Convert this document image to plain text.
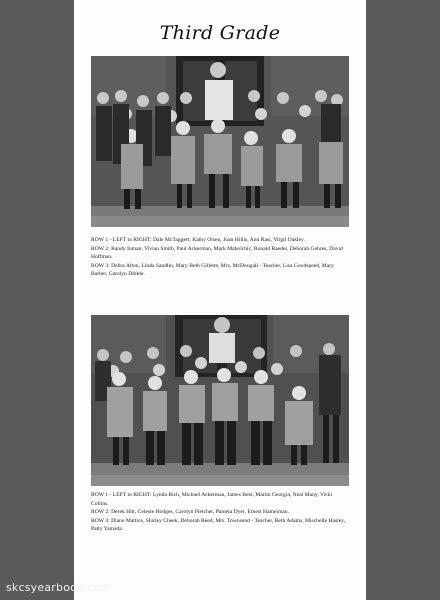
Third Grade

ROW 1 - LEFT to RIGHT: Dale McTaggert, Kathy Olsen, Joan Hillis, Ann Rasi, Virgil Oakley.

ROW 2: Randy Inman, Vivian Smith, Paul Ackerman, Mark Maholchic, Ronald Raeder, Deborah Gehres, David Hoffman.

ROW 3: Debra Alton, Linda Sandlin, Mary Beth Gillette, Mrs. McDougall - Teacher, Lisa Goodspeed, Mary Barber, Carolyn Dibble.

ROW 1 - LEFT to RIGHT: Lynda Rich, Michael Ackerman, James Betz, Martin Georgia, Neal Many, Vicki Collins.

ROW 2: Derek Hitt, Celeste Hodges, Carolyn Fletcher, Pamela Dyer, Ernest Hameiman.

ROW 3: Diane Mattice, Shirley Cheek, Deborah Reed, Mrs. Townsend - Teacher, Beth Adams, Mischelle Hasley, Patty Yamada.

skcsyearbook.com
